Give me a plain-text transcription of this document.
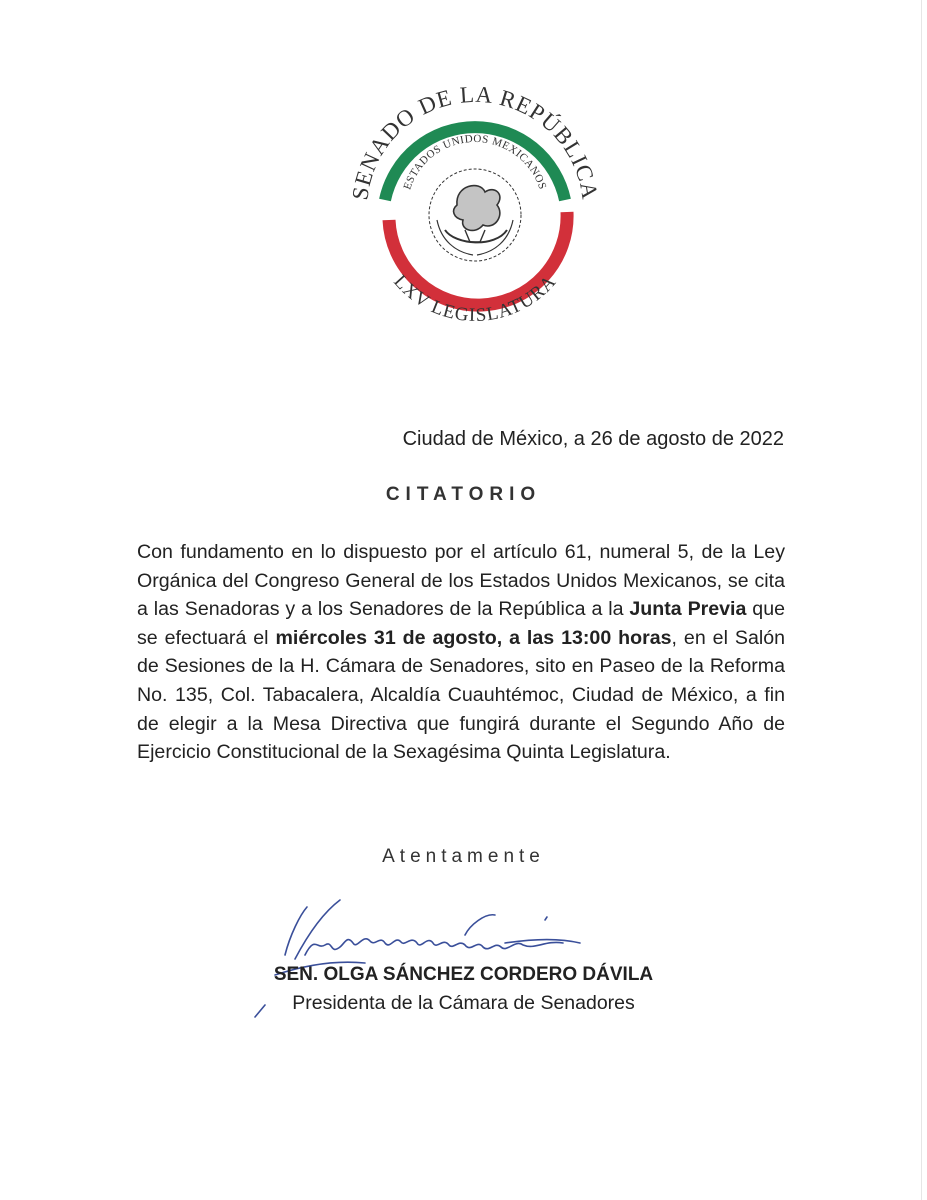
SENADO DE LA REPÚBLICA
ESTADOS UNIDOS MEXICANOS
LXV LEGISLATURA
Ciudad de México, a 26 de agosto de 2022
CITATORIO
Con fundamento en lo dispuesto por el artículo 61, numeral 5, de la Ley Orgánica del Congreso General de los Estados Unidos Mexicanos, se cita a las Senadoras y a los Senadores de la República a la Junta Previa que se efectuará el miércoles 31 de agosto, a las 13:00 horas, en el Salón de Sesiones de la H. Cámara de Senadores, sito en Paseo de la Reforma No. 135, Col. Tabacalera, Alcaldía Cuauhtémoc, Ciudad de México, a fin de elegir a la Mesa Directiva que fungirá durante el Segundo Año de Ejercicio Constitucional de la Sexagésima Quinta Legislatura.
Atentamente
SEN. OLGA SÁNCHEZ CORDERO DÁVILA
Presidenta de la Cámara de Senadores
